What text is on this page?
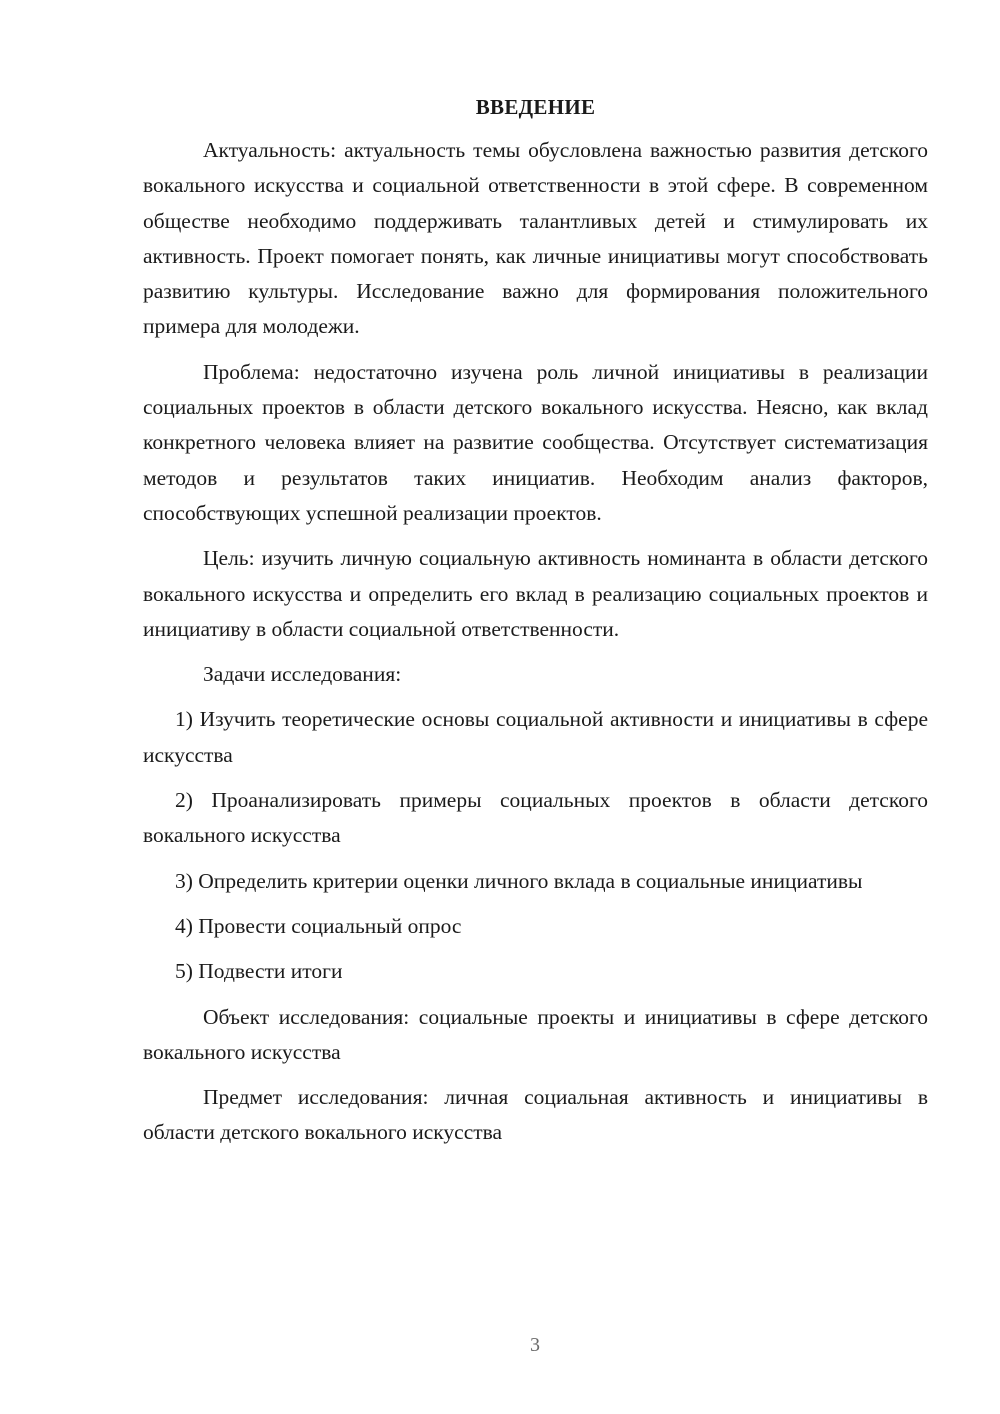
ВВЕДЕНИЕ

Актуальность: актуальность темы обусловлена важностью развития детского вокального искусства и социальной ответственности в этой сфере. В современном обществе необходимо поддерживать талантливых детей и стимулировать их активность. Проект помогает понять, как личные инициативы могут способствовать развитию культуры. Исследование важно для формирования положительного примера для молодежи.

Проблема: недостаточно изучена роль личной инициативы в реализации социальных проектов в области детского вокального искусства. Неясно, как вклад конкретного человека влияет на развитие сообщества. Отсутствует систематизация методов и результатов таких инициатив. Необходим анализ факторов, способствующих успешной реализации проектов.

Цель: изучить личную социальную активность номинанта в области детского вокального искусства и определить его вклад в реализацию социальных проектов и инициативу в области социальной ответственности.

Задачи исследования:

1) Изучить теоретические основы социальной активности и инициативы в сфере искусства

2) Проанализировать примеры социальных проектов в области детского вокального искусства

3) Определить критерии оценки личного вклада в социальные инициативы

4) Провести социальный опрос

5) Подвести итоги

Объект исследования: социальные проекты и инициативы в сфере детского вокального искусства

Предмет исследования: личная социальная активность и инициативы в области детского вокального искусства

3
